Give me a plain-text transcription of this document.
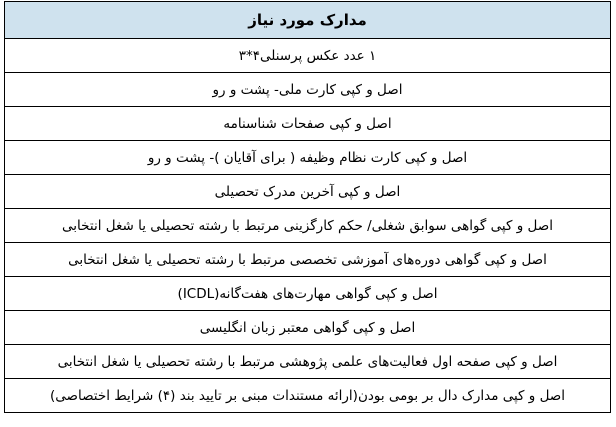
مدارک مورد نیاز
۱ عدد عکس پرسنلی۴*۳
اصل و کپی کارت ملی- پشت و رو
اصل و کپی صفحات شناسنامه
اصل و کپی کارت نظام وظیفه ( برای آقایان )- پشت و رو
اصل و کپی آخرین مدرک تحصیلی
اصل و کپی گواهی سوابق شغلی/ حکم کارگزینی مرتبط با رشته تحصیلی یا شغل انتخابی
اصل و کپی گواهی دوره‌های آموزشی تخصصی مرتبط با رشته تحصیلی یا شغل انتخابی
اصل و کپی گواهی مهارت‌های هفت‌گانه(ICDL)
اصل و کپی گواهی معتبر زبان انگلیسی
اصل و کپی صفحه اول فعالیت‌های علمی پژوهشی مرتبط با رشته تحصیلی یا شغل انتخابی
اصل و کپی مدارک دال بر بومی بودن(ارائه مستندات مبنی بر تایید بند (۴) شرایط اختصاصی)
